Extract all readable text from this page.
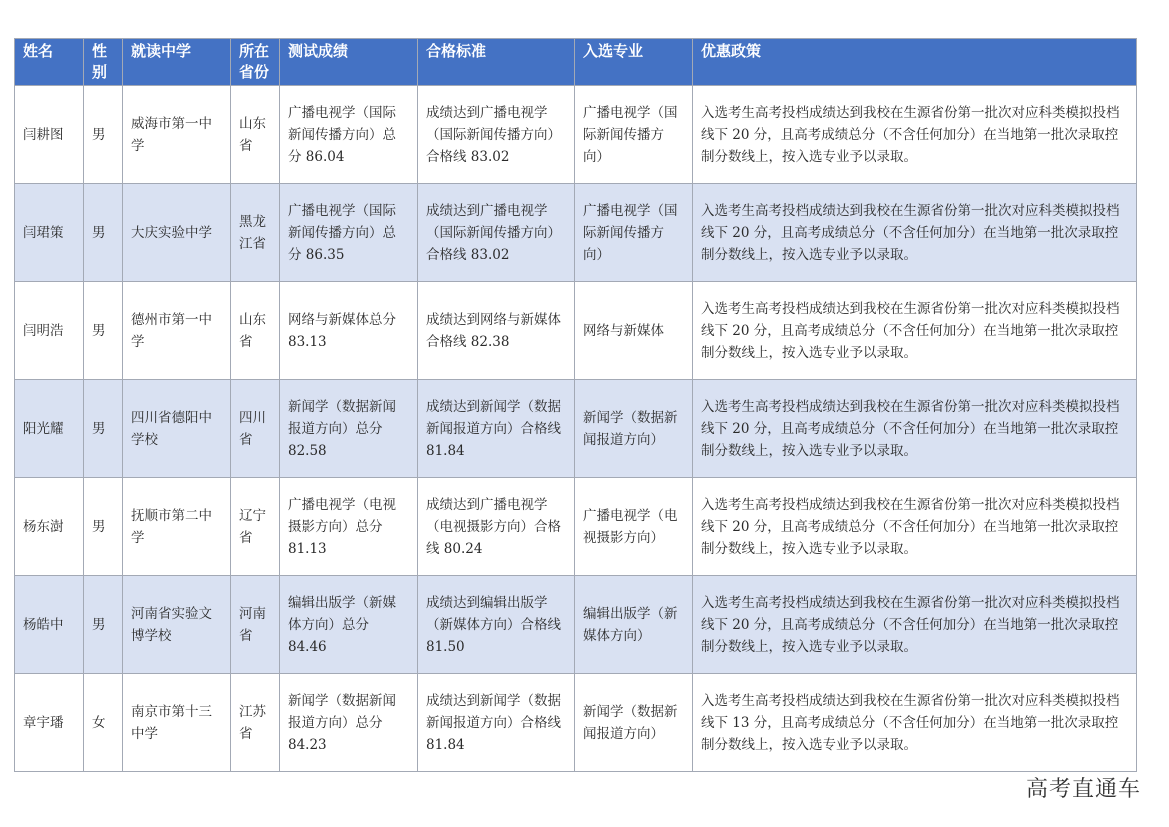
姓名	性别	就读中学	所在省份	测试成绩	合格标准	入选专业	优惠政策
闫耕图	男	威海市第一中学	山东省	广播电视学（国际新闻传播方向）总分 86.04	成绩达到广播电视学（国际新闻传播方向）合格线 83.02	广播电视学（国际新闻传播方向）	入选考生高考投档成绩达到我校在生源省份第一批次对应科类模拟投档线下 20 分，且高考成绩总分（不含任何加分）在当地第一批次录取控制分数线上，按入选专业予以录取。
闫珺策	男	大庆实验中学	黑龙江省	广播电视学（国际新闻传播方向）总分 86.35	成绩达到广播电视学（国际新闻传播方向）合格线 83.02	广播电视学（国际新闻传播方向）	入选考生高考投档成绩达到我校在生源省份第一批次对应科类模拟投档线下 20 分，且高考成绩总分（不含任何加分）在当地第一批次录取控制分数线上，按入选专业予以录取。
闫明浩	男	德州市第一中学	山东省	网络与新媒体总分 83.13	成绩达到网络与新媒体合格线 82.38	网络与新媒体	入选考生高考投档成绩达到我校在生源省份第一批次对应科类模拟投档线下 20 分，且高考成绩总分（不含任何加分）在当地第一批次录取控制分数线上，按入选专业予以录取。
阳光耀	男	四川省德阳中学校	四川省	新闻学（数据新闻报道方向）总分 82.58	成绩达到新闻学（数据新闻报道方向）合格线 81.84	新闻学（数据新闻报道方向）	入选考生高考投档成绩达到我校在生源省份第一批次对应科类模拟投档线下 20 分，且高考成绩总分（不含任何加分）在当地第一批次录取控制分数线上，按入选专业予以录取。
杨东澍	男	抚顺市第二中学	辽宁省	广播电视学（电视摄影方向）总分 81.13	成绩达到广播电视学（电视摄影方向）合格线 80.24	广播电视学（电视摄影方向）	入选考生高考投档成绩达到我校在生源省份第一批次对应科类模拟投档线下 20 分，且高考成绩总分（不含任何加分）在当地第一批次录取控制分数线上，按入选专业予以录取。
杨皓中	男	河南省实验文博学校	河南省	编辑出版学（新媒体方向）总分 84.46	成绩达到编辑出版学（新媒体方向）合格线 81.50	编辑出版学（新媒体方向）	入选考生高考投档成绩达到我校在生源省份第一批次对应科类模拟投档线下 20 分，且高考成绩总分（不含任何加分）在当地第一批次录取控制分数线上，按入选专业予以录取。
章宇璠	女	南京市第十三中学	江苏省	新闻学（数据新闻报道方向）总分 84.23	成绩达到新闻学（数据新闻报道方向）合格线 81.84	新闻学（数据新闻报道方向）	入选考生高考投档成绩达到我校在生源省份第一批次对应科类模拟投档线下 13 分，且高考成绩总分（不含任何加分）在当地第一批次录取控制分数线上，按入选专业予以录取。
高考直通车
